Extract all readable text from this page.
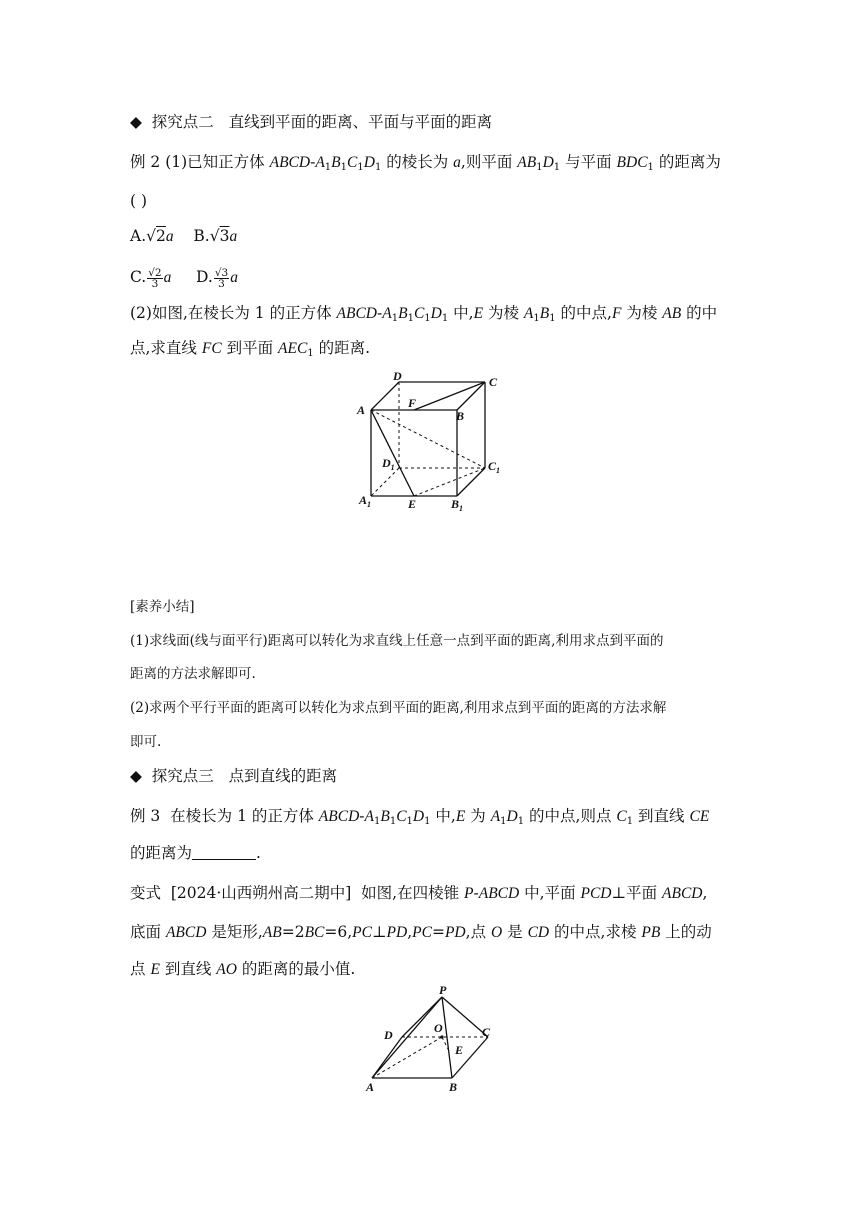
◆ 探究点二   直线到平面的距离、平面与平面的距离
例 2 (1)已知正方体 ABCD-$A_1B_1C_1D_1$ 的棱长为 a,则平面 $AB_1D_1$ 与平面 $BDC_1$ 的距离为
( )
A.√2a B.√3a
C. $\frac{√2}{3}$ a D. $\frac{√3}{3}$ a
(2)如图,在棱长为 1 的正方体 ABCD-$A_1B_1C_1D_1$ 中,E 为棱 $A_1B_1$ 的中点,F 为棱 AB 的中
点,求直线 FC 到平面 $AEC_1$ 的距离.
D	C
A	F
B
$D_1$	$C_1$
$A_1$	E	$B_1$
[素养小结]
(1)求线面(线与面平行)距离可以转化为求直线上任意一点到平面的距离,利用求点到平面的
距离的方法求解即可.
(2)求两个平行平面的距离可以转化为求点到平面的距离,利用求点到平面的距离的方法求解
即可.
◆ 探究点三   点到直线的距离
例 3  在棱长为 1 的正方体 ABCD-$A_1B_1C_1D_1$ 中,E 为 $A_1D_1$ 的中点,则点 $C_1$ 到直线 CE
的距离为	.
变式  [2024·山西朔州高二期中]  如图,在四棱锥 P-ABCD 中,平面 PCD⊥平面 ABCD,
底面 ABCD 是矩形,AB=2BC=6,PC⊥PD,PC=PD,点 O 是 CD 的中点,求棱 PB 上的动
点 E 到直线 AO 的距离的最小值.
P
D	O	C
E
A	B
